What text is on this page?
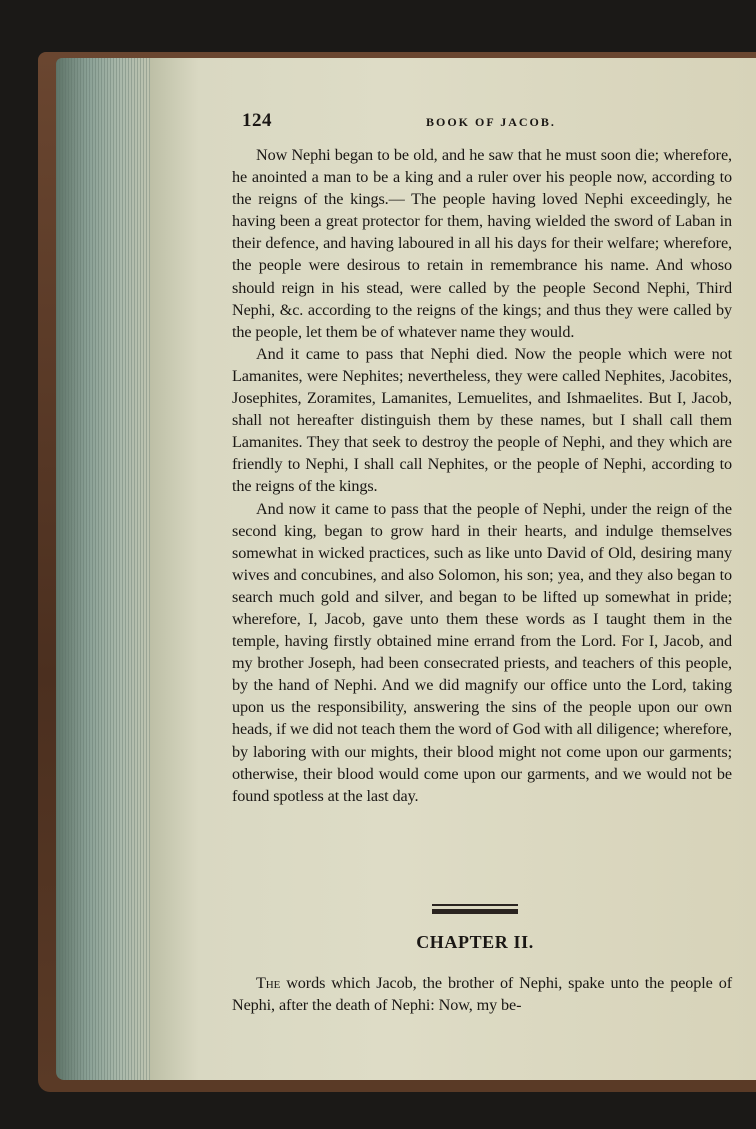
124	BOOK OF JACOB.

Now Nephi began to be old, and he saw that he must soon die; wherefore, he anointed a man to be a king and a ruler over his people now, according to the reigns of the kings.— The people having loved Nephi exceedingly, he having been a great protector for them, having wielded the sword of Laban in their defence, and having laboured in all his days for their welfare; wherefore, the people were desirous to retain in remembrance his name. And whoso should reign in his stead, were called by the people Second Nephi, Third Nephi, &c. according to the reigns of the kings; and thus they were called by the people, let them be of whatever name they would.

And it came to pass that Nephi died. Now the people which were not Lamanites, were Nephites; nevertheless, they were called Nephites, Jacobites, Josephites, Zoramites, Lamanites, Lemuelites, and Ishmaelites. But I, Jacob, shall not hereafter distinguish them by these names, but I shall call them Lamanites. They that seek to destroy the people of Nephi, and they which are friendly to Nephi, I shall call Nephites, or the people of Nephi, according to the reigns of the kings.

And now it came to pass that the people of Nephi, under the reign of the second king, began to grow hard in their hearts, and indulge themselves somewhat in wicked practices, such as like unto David of Old, desiring many wives and concubines, and also Solomon, his son; yea, and they also began to search much gold and silver, and began to be lifted up somewhat in pride; wherefore, I, Jacob, gave unto them these words as I taught them in the temple, having firstly obtained mine errand from the Lord. For I, Jacob, and my brother Joseph, had been consecrated priests, and teachers of this people, by the hand of Nephi. And we did magnify our office unto the Lord, taking upon us the responsibility, answering the sins of the people upon our own heads, if we did not teach them the word of God with all diligence; wherefore, by laboring with our mights, their blood might not come upon our garments; otherwise, their blood would come upon our garments, and we would not be found spotless at the last day.

CHAPTER II.

The words which Jacob, the brother of Nephi, spake unto the people of Nephi, after the death of Nephi: Now, my be-
